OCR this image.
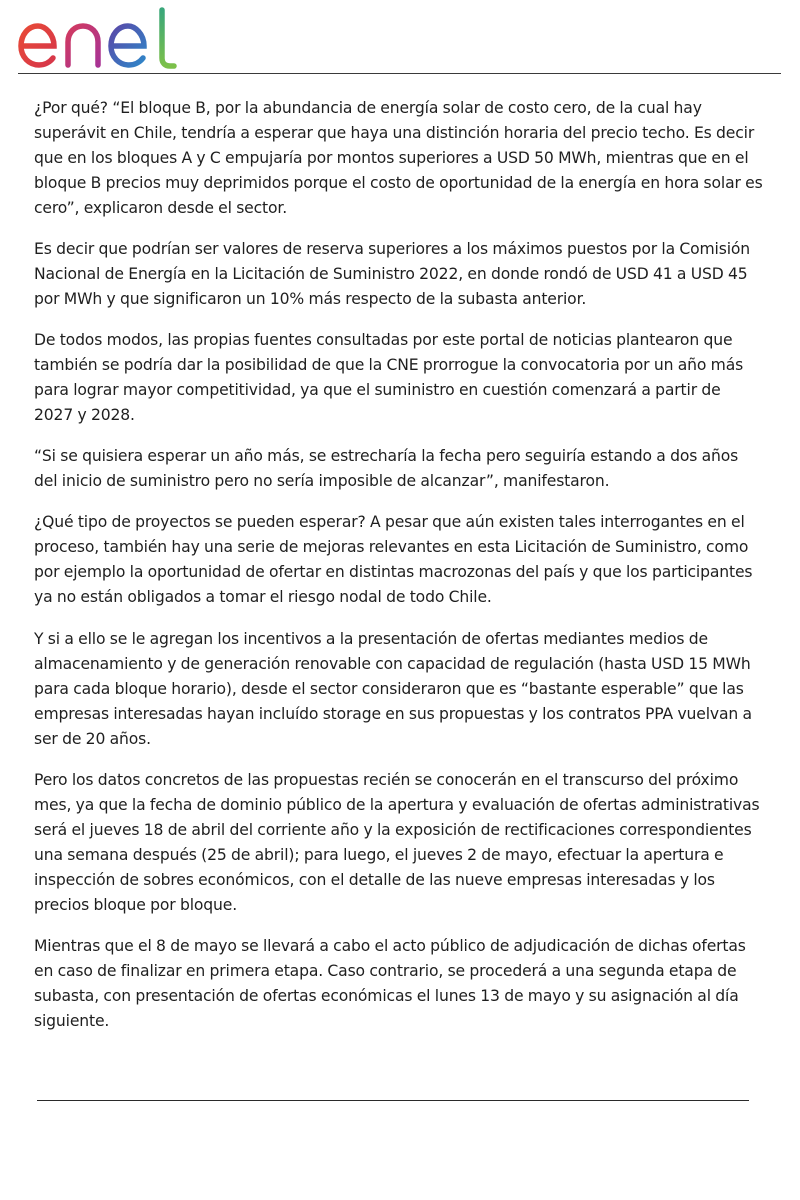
¿Por qué? “El bloque B, por la abundancia de energía solar de costo cero, de la cual hay superávit en Chile, tendría a esperar que haya una distinción horaria del precio techo. Es decir que en los bloques A y C empujaría por montos superiores a USD 50 MWh, mientras que en el bloque B precios muy deprimidos porque el costo de oportunidad de la energía en hora solar es cero”, explicaron desde el sector.

Es decir que podrían ser valores de reserva superiores a los máximos puestos por la Comisión Nacional de Energía en la Licitación de Suministro 2022, en donde rondó de USD 41 a USD 45 por MWh y que significaron un 10% más respecto de la subasta anterior.

De todos modos, las propias fuentes consultadas por este portal de noticias plantearon que también se podría dar la posibilidad de que la CNE prorrogue la convocatoria por un año más para lograr mayor competitividad, ya que el suministro en cuestión comenzará a partir de 2027 y 2028.

“Si se quisiera esperar un año más, se estrecharía la fecha pero seguiría estando a dos años del inicio de suministro pero no sería imposible de alcanzar”, manifestaron.

¿Qué tipo de proyectos se pueden esperar? A pesar que aún existen tales interrogantes en el proceso, también hay una serie de mejoras relevantes en esta Licitación de Suministro, como por ejemplo la oportunidad de ofertar en distintas macrozonas del país y que los participantes ya no están obligados a tomar el riesgo nodal de todo Chile.

Y si a ello se le agregan los incentivos a la presentación de ofertas mediantes medios de almacenamiento y de generación renovable con capacidad de regulación (hasta USD 15 MWh para cada bloque horario), desde el sector consideraron que es “bastante esperable” que las empresas interesadas hayan incluído storage en sus propuestas y los contratos PPA vuelvan a ser de 20 años.

Pero los datos concretos de las propuestas recién se conocerán en el transcurso del próximo mes, ya que la fecha de dominio público de la apertura y evaluación de ofertas administrativas será el jueves 18 de abril del corriente año y la exposición de rectificaciones correspondientes una semana después (25 de abril); para luego, el jueves 2 de mayo, efectuar la apertura e inspección de sobres económicos, con el detalle de las nueve empresas interesadas y los precios bloque por bloque.

Mientras que el 8 de mayo se llevará a cabo el acto público de adjudicación de dichas ofertas en caso de finalizar en primera etapa. Caso contrario, se procederá a una segunda etapa de subasta, con presentación de ofertas económicas el lunes 13 de mayo y su asignación al día siguiente.
